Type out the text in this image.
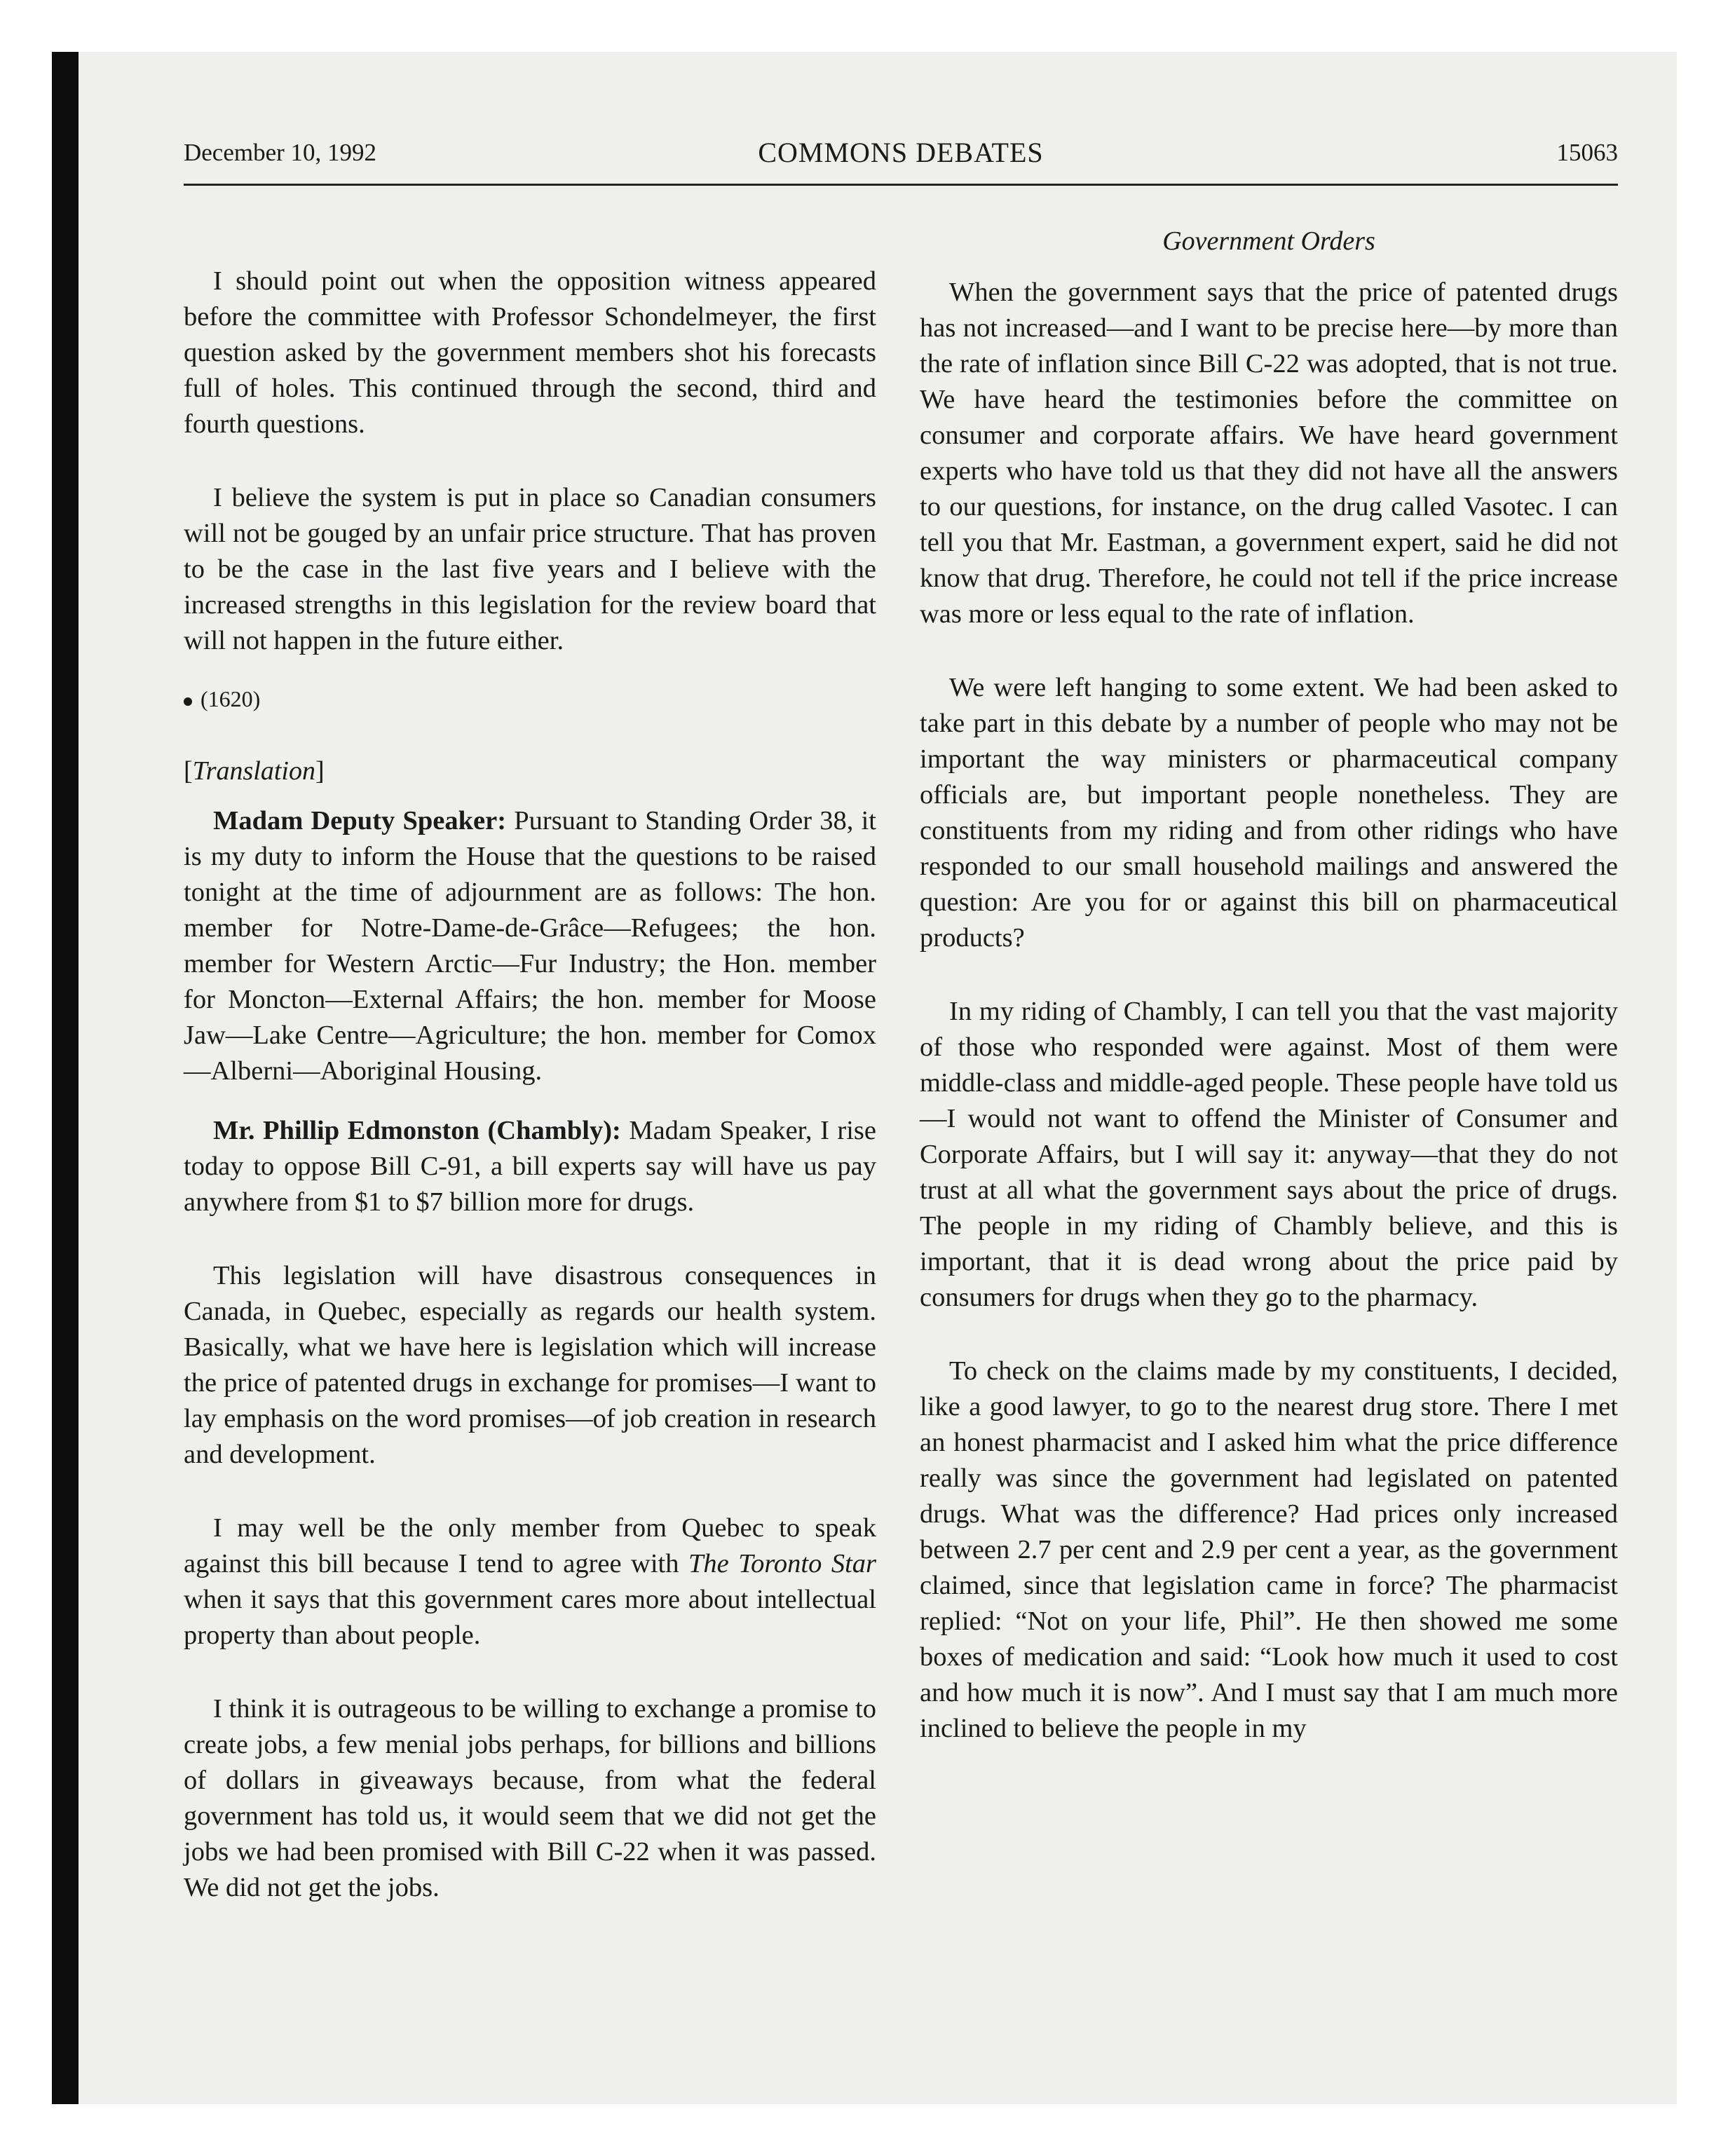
December 10, 1992	COMMONS DEBATES	15063

I should point out when the opposition witness appeared before the committee with Professor Schondelmeyer, the first question asked by the government members shot his forecasts full of holes. This continued through the second, third and fourth questions.

I believe the system is put in place so Canadian consumers will not be gouged by an unfair price structure. That has proven to be the case in the last five years and I believe with the increased strengths in this legislation for the review board that will not happen in the future either.

(1620)
[Translation]

Madam Deputy Speaker: Pursuant to Standing Order 38, it is my duty to inform the House that the questions to be raised tonight at the time of adjournment are as follows: The hon. member for Notre-Dame-de-Grâce—Refugees; the hon. member for Western Arctic—Fur Industry; the Hon. member for Moncton—External Affairs; the hon. member for Moose Jaw—Lake Centre—Agriculture; the hon. member for Comox—Alberni—Aboriginal Housing.

Mr. Phillip Edmonston (Chambly): Madam Speaker, I rise today to oppose Bill C-91, a bill experts say will have us pay anywhere from $1 to $7 billion more for drugs.

This legislation will have disastrous consequences in Canada, in Quebec, especially as regards our health system. Basically, what we have here is legislation which will increase the price of patented drugs in exchange for promises—I want to lay emphasis on the word promises—of job creation in research and development.

I may well be the only member from Quebec to speak against this bill because I tend to agree with The Toronto Star when it says that this government cares more about intellectual property than about people.

I think it is outrageous to be willing to exchange a promise to create jobs, a few menial jobs perhaps, for billions and billions of dollars in giveaways because, from what the federal government has told us, it would seem that we did not get the jobs we had been promised with Bill C-22 when it was passed. We did not get the jobs.

Government Orders

When the government says that the price of patented drugs has not increased—and I want to be precise here—by more than the rate of inflation since Bill C-22 was adopted, that is not true. We have heard the testimonies before the committee on consumer and corporate affairs. We have heard government experts who have told us that they did not have all the answers to our questions, for instance, on the drug called Vasotec. I can tell you that Mr. Eastman, a government expert, said he did not know that drug. Therefore, he could not tell if the price increase was more or less equal to the rate of inflation.

We were left hanging to some extent. We had been asked to take part in this debate by a number of people who may not be important the way ministers or pharmaceutical company officials are, but important people nonetheless. They are constituents from my riding and from other ridings who have responded to our small household mailings and answered the question: Are you for or against this bill on pharmaceutical products?

In my riding of Chambly, I can tell you that the vast majority of those who responded were against. Most of them were middle-class and middle-aged people. These people have told us—I would not want to offend the Minister of Consumer and Corporate Affairs, but I will say it: anyway—that they do not trust at all what the government says about the price of drugs. The people in my riding of Chambly believe, and this is important, that it is dead wrong about the price paid by consumers for drugs when they go to the pharmacy.

To check on the claims made by my constituents, I decided, like a good lawyer, to go to the nearest drug store. There I met an honest pharmacist and I asked him what the price difference really was since the government had legislated on patented drugs. What was the difference? Had prices only increased between 2.7 per cent and 2.9 per cent a year, as the government claimed, since that legislation came in force? The pharmacist replied: “Not on your life, Phil”. He then showed me some boxes of medication and said: “Look how much it used to cost and how much it is now”. And I must say that I am much more inclined to believe the people in my
